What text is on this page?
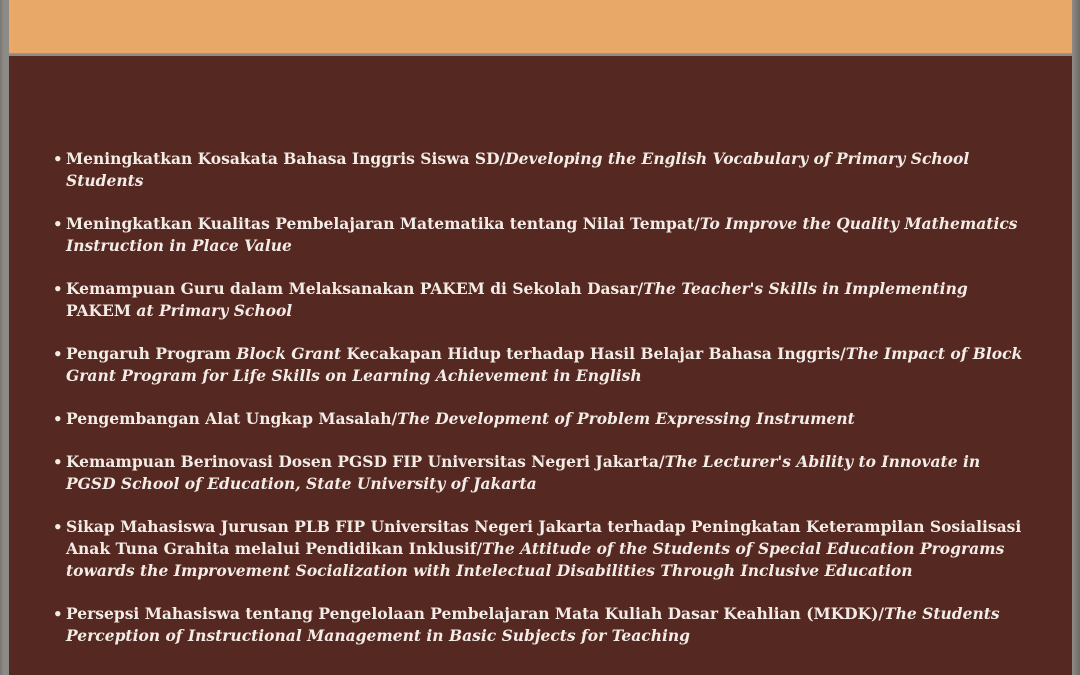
• Meningkatkan Kosakata Bahasa Inggris Siswa SD/Developing the English Vocabulary of Primary School Students
• Meningkatkan Kualitas Pembelajaran Matematika tentang Nilai Tempat/To Improve the Quality Mathematics Instruction in Place Value
• Kemampuan Guru dalam Melaksanakan PAKEM di Sekolah Dasar/The Teacher's Skills in Implementing PAKEM at Primary School
• Pengaruh Program Block Grant Kecakapan Hidup terhadap Hasil Belajar Bahasa Inggris/The Impact of Block Grant Program for Life Skills on Learning Achievement in English
• Pengembangan Alat Ungkap Masalah/The Development of Problem Expressing Instrument
• Kemampuan Berinovasi Dosen PGSD FIP Universitas Negeri Jakarta/The Lecturer's Ability to Innovate in PGSD School of Education, State University of Jakarta
• Sikap Mahasiswa Jurusan PLB FIP Universitas Negeri Jakarta terhadap Peningkatan Keterampilan Sosialisasi Anak Tuna Grahita melalui Pendidikan Inklusif/The Attitude of the Students of Special Education Programs towards the Improvement Socialization with Intelectual Disabilities Through Inclusive Education
• Persepsi Mahasiswa tentang Pengelolaan Pembelajaran Mata Kuliah Dasar Keahlian (MKDK)/The Students Perception of Instructional Management in Basic Subjects for Teaching
